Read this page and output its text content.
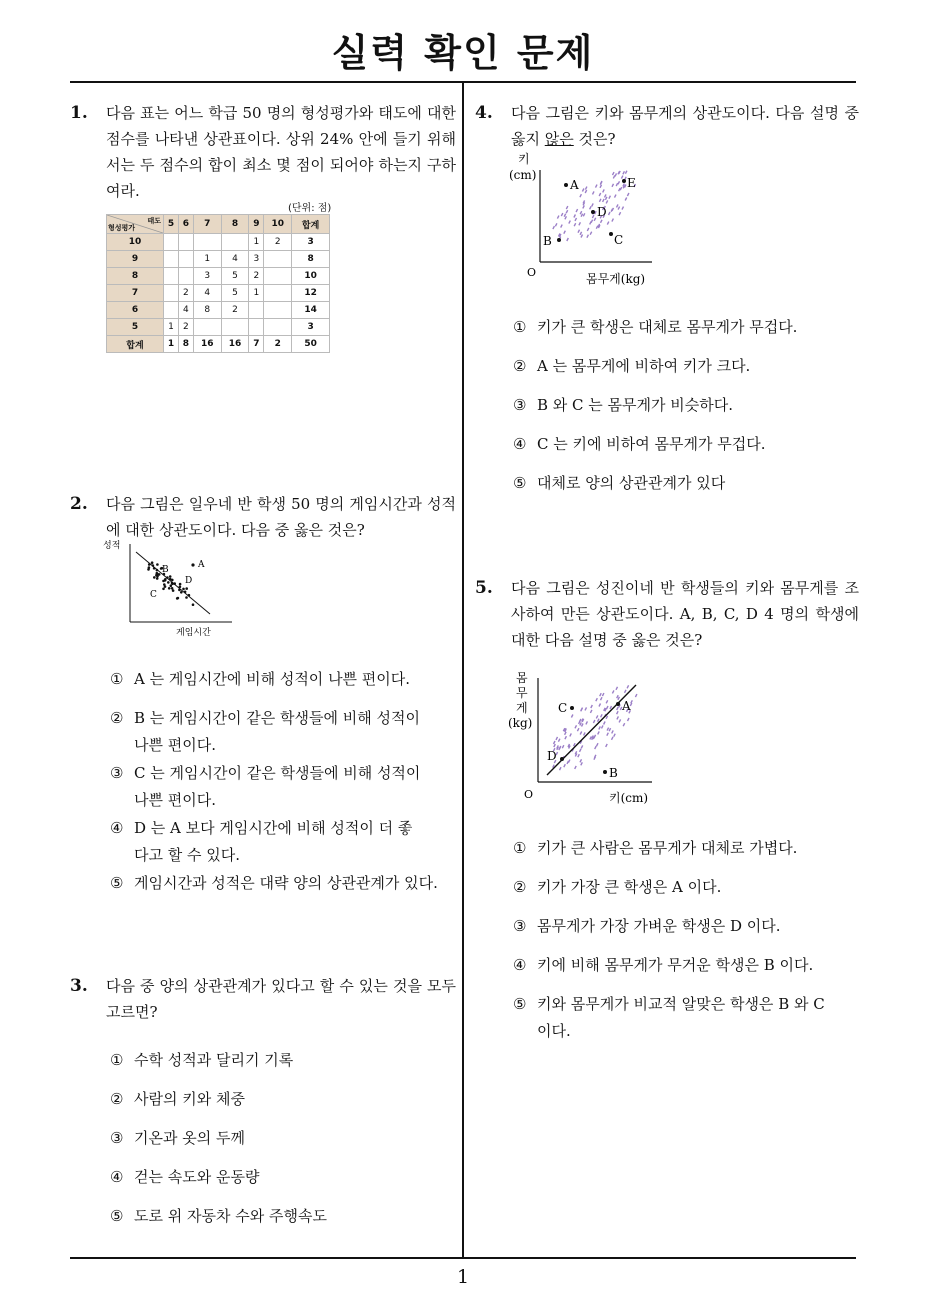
실력 확인 문제
1
1. 다음 표는 어느 학급 50 명의 형성평가와 태도에 대한 점수를 나타낸 상관표이다. 상위 24% 안에 들기 위해서는 두 점수의 합이 최소 몇 점이 되어야 하는지 구하여라.
(단위: 점)
태도
형성평가	5	6	7	8	9	10	합계
10					1	2	3
9			1	4	3		8
8			3	5	2		10
7		2	4	5	1		12
6		4	8	2			14
5	1	2					3
합계	1	8	16	16	7	2	50
2. 다음 그림은 일우네 반 학생 50 명의 게임시간과 성적에 대한 상관도이다. 다음 중 옳은 것은?
성적
A
B
C
D
게임시간
① A 는 게임시간에 비해 성적이 나쁜 편이다.
② B 는 게임시간이 같은 학생들에 비해 성적이 나쁜 편이다.
③ C 는 게임시간이 같은 학생들에 비해 성적이 나쁜 편이다.
④ D 는 A 보다 게임시간에 비해 성적이 더 좋다고 할 수 있다.
⑤ 게임시간과 성적은 대략 양의 상관관계가 있다.
3. 다음 중 양의 상관관계가 있다고 할 수 있는 것을 모두 고르면?
① 수학 성적과 달리기 기록
② 사람의 키와 체중
③ 기온과 옷의 두께
④ 걷는 속도와 운동량
⑤ 도로 위 자동차 수와 주행속도
4. 다음 그림은 키와 몸무게의 상관도이다. 다음 설명 중 옳지 않은 것은?
키
(cm)
A
B	C
D
E
O	몸무게(kg)
① 키가 큰 학생은 대체로 몸무게가 무겁다.
② A 는 몸무게에 비하여 키가 크다.
③ B 와 C 는 몸무게가 비슷하다.
④ C 는 키에 비하여 몸무게가 무겁다.
⑤ 대체로 양의 상관관계가 있다
5. 다음 그림은 성진이네 반 학생들의 키와 몸무게를 조사하여 만든 상관도이다. A, B, C, D 4 명의 학생에 대한 다음 설명 중 옳은 것은?
몸
무
게
(kg)
A
B
C
D
O	키(cm)
① 키가 큰 사람은 몸무게가 대체로 가볍다.
② 키가 가장 큰 학생은 A 이다.
③ 몸무게가 가장 가벼운 학생은 D 이다.
④ 키에 비해 몸무게가 무거운 학생은 B 이다.
⑤ 키와 몸무게가 비교적 알맞은 학생은 B 와 C 이다.
